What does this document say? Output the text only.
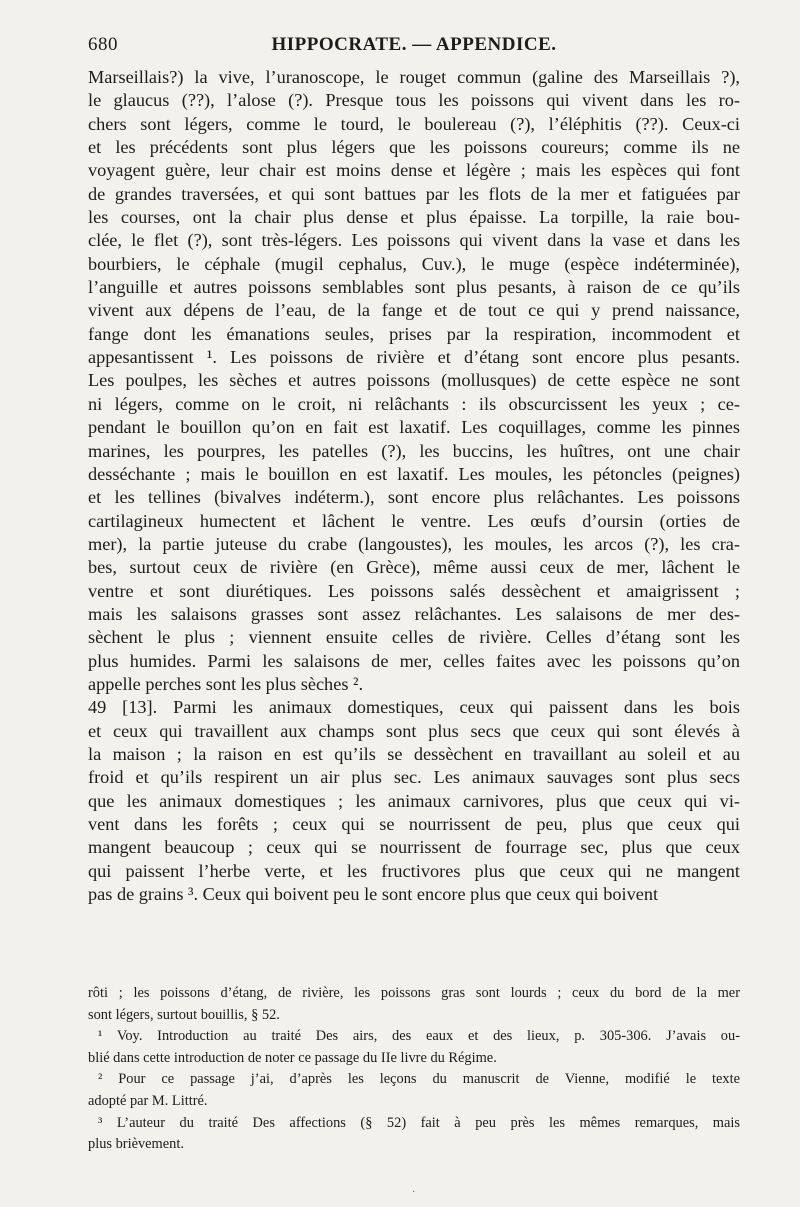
680	HIPPOCRATE. — APPENDICE.
Marseillais?) la vive, l’uranoscope, le rouget commun (galine des Marseillais ?),
le glaucus (??), l’alose (?). Presque tous les poissons qui vivent dans les ro-
chers sont légers, comme le tourd, le boulereau (?), l’éléphitis (??). Ceux-ci
et les précédents sont plus légers que les poissons coureurs; comme ils ne
voyagent guère, leur chair est moins dense et légère ; mais les espèces qui font
de grandes traversées, et qui sont battues par les flots de la mer et fatiguées par
les courses, ont la chair plus dense et plus épaisse. La torpille, la raie bou-
clée, le flet (?), sont très-légers. Les poissons qui vivent dans la vase et dans les
bourbiers, le céphale (mugil cephalus, Cuv.), le muge (espèce indéterminée),
l’anguille et autres poissons semblables sont plus pesants, à raison de ce qu’ils
vivent aux dépens de l’eau, de la fange et de tout ce qui y prend naissance,
fange dont les émanations seules, prises par la respiration, incommodent et
appesantissent ¹. Les poissons de rivière et d’étang sont encore plus pesants.
Les poulpes, les sèches et autres poissons (mollusques) de cette espèce ne sont
ni légers, comme on le croit, ni relâchants : ils obscurcissent les yeux ; ce-
pendant le bouillon qu’on en fait est laxatif. Les coquillages, comme les pinnes
marines, les pourpres, les patelles (?), les buccins, les huîtres, ont une chair
desséchante ; mais le bouillon en est laxatif. Les moules, les pétoncles (peignes)
et les tellines (bivalves indéterm.), sont encore plus relâchantes. Les poissons
cartilagineux humectent et lâchent le ventre. Les œufs d’oursin (orties de
mer), la partie juteuse du crabe (langoustes), les moules, les arcos (?), les cra-
bes, surtout ceux de rivière (en Grèce), même aussi ceux de mer, lâchent le
ventre et sont diurétiques. Les poissons salés dessèchent et amaigrissent ;
mais les salaisons grasses sont assez relâchantes. Les salaisons de mer des-
sèchent le plus ; viennent ensuite celles de rivière. Celles d’étang sont les
plus humides. Parmi les salaisons de mer, celles faites avec les poissons qu’on
appelle perches sont les plus sèches ².
49 [13]. Parmi les animaux domestiques, ceux qui paissent dans les bois
et ceux qui travaillent aux champs sont plus secs que ceux qui sont élevés à
la maison ; la raison en est qu’ils se dessèchent en travaillant au soleil et au
froid et qu’ils respirent un air plus sec. Les animaux sauvages sont plus secs
que les animaux domestiques ; les animaux carnivores, plus que ceux qui vi-
vent dans les forêts ; ceux qui se nourrissent de peu, plus que ceux qui
mangent beaucoup ; ceux qui se nourrissent de fourrage sec, plus que ceux
qui paissent l’herbe verte, et les fructivores plus que ceux qui ne mangent
pas de grains ³. Ceux qui boivent peu le sont encore plus que ceux qui boivent
rôti ; les poissons d’étang, de rivière, les poissons gras sont lourds ; ceux du bord de la mer
sont légers, surtout bouillis, § 52.
¹ Voy. Introduction au traité Des airs, des eaux et des lieux, p. 305-306. J’avais ou-
blié dans cette introduction de noter ce passage du IIe livre du Régime.
² Pour ce passage j’ai, d’après les leçons du manuscrit de Vienne, modifié le texte
adopté par M. Littré.
³ L’auteur du traité Des affections (§ 52) fait à peu près les mêmes remarques, mais
plus brièvement.
·
